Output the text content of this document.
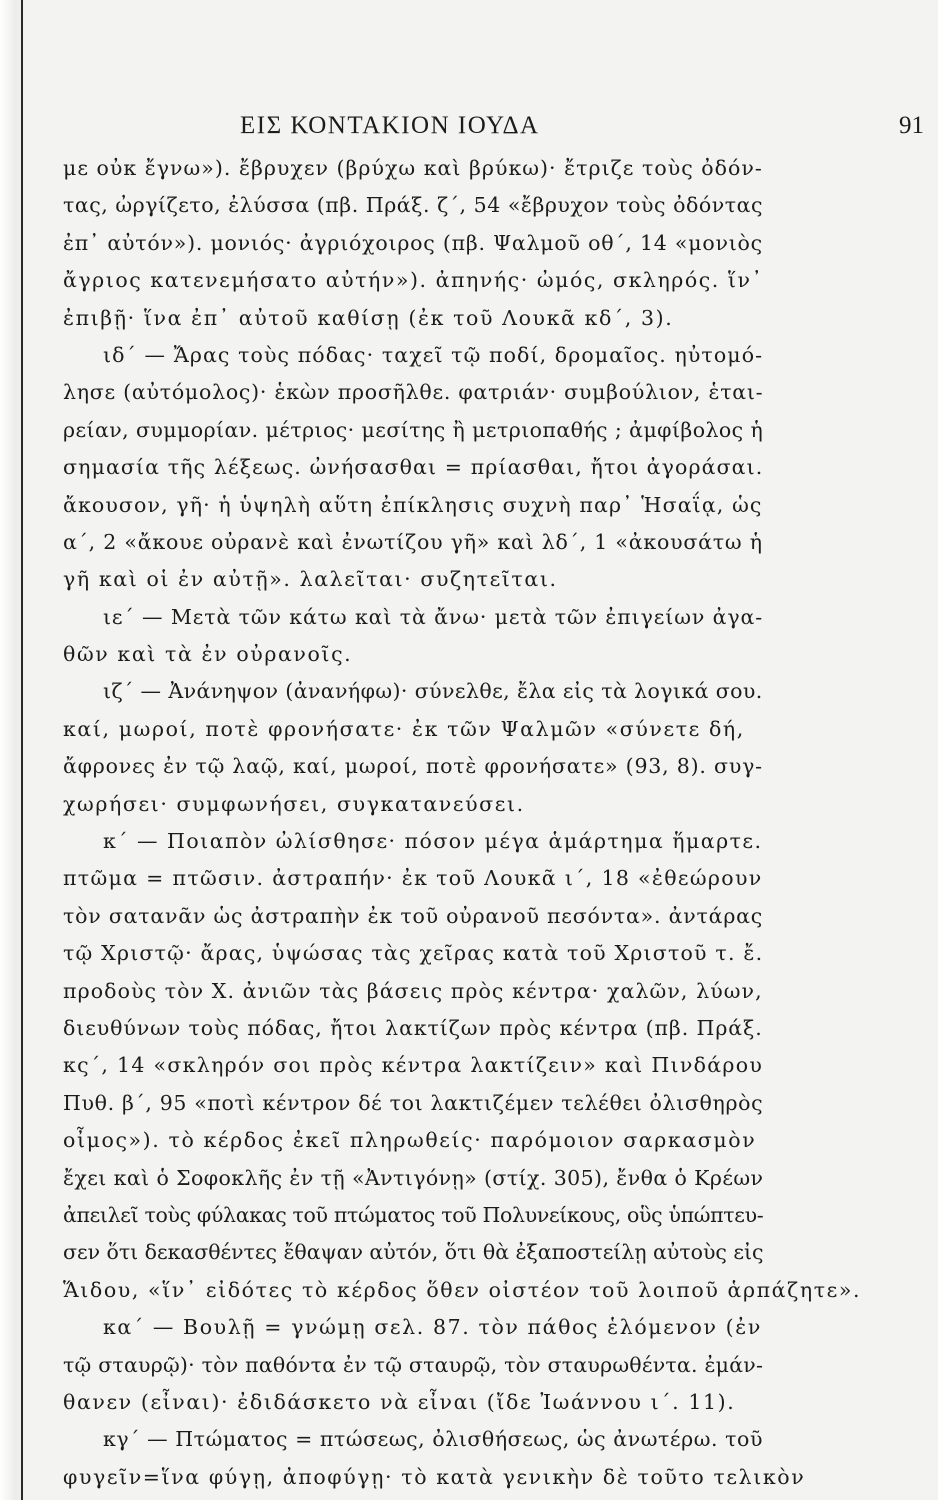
ΕΙΣ ΚΟΝΤΑΚΙΟΝ ΙΟΥΔΑ	91
με οὐκ ἔγνω»). ἔβρυχεν (βρύχω καὶ βρύκω)· ἔτριζε τοὺς ὀδόν-
τας, ὠργίζετο, ἐλύσσα (πβ. Πράξ. ζ΄, 54 «ἔβρυχον τοὺς ὀδόντας
ἐπ᾿ αὐτόν»). μονιός· ἀγριόχοιρος (πβ. Ψαλμοῦ οθ΄, 14 «μονιὸς
ἄγριος κατενεμήσατο αὐτήν»). ἀπηνής· ὠμός, σκληρός. ἵν᾿
ἐπιβῇ· ἵνα ἐπ᾿ αὐτοῦ καθίσῃ (ἐκ τοῦ Λουκᾶ κδ΄, 3).
ιδ΄ — Ἄρας τοὺς πόδας· ταχεῖ τῷ ποδί, δρομαῖος. ηὐτομό-
λησε (αὐτόμολος)· ἑκὼν προσῆλθε. φατριάν· συμβούλιον, ἑται-
ρείαν, συμμορίαν. μέτριος· μεσίτης ἢ μετριοπαθής ; ἀμφίβολος ἡ
σημασία τῆς λέξεως. ὠνήσασθαι = πρίασθαι, ἤτοι ἀγοράσαι.
ἄκουσον, γῆ· ἡ ὑψηλὴ αὕτη ἐπίκλησις συχνὴ παρ᾿ Ἡσαΐᾳ, ὡς
α΄, 2 «ἄκουε οὐρανὲ καὶ ἐνωτίζου γῆ» καὶ λδ΄, 1 «ἀκουσάτω ἡ
γῆ καὶ οἱ ἐν αὐτῇ». λαλεῖται· συζητεῖται.
ιε΄ — Μετὰ τῶν κάτω καὶ τὰ ἄνω· μετὰ τῶν ἐπιγείων ἀγα-
θῶν καὶ τὰ ἐν οὐρανοῖς.
ιζ΄ — Ἀνάνηψον (ἀνανήφω)· σύνελθε, ἔλα εἰς τὰ λογικά σου.
καί, μωροί, ποτὲ φρονήσατε· ἐκ τῶν Ψαλμῶν «σύνετε δή,
ἄφρονες ἐν τῷ λαῷ, καί, μωροί, ποτὲ φρονήσατε» (93, 8). συγ-
χωρήσει· συμφωνήσει, συγκατανεύσει.
κ΄ — Ποιαπὸν ὠλίσθησε· πόσον μέγα ἁμάρτημα ἥμαρτε.
πτῶμα = πτῶσιν. ἀστραπήν· ἐκ τοῦ Λουκᾶ ι΄, 18 «ἐθεώρουν
τὸν σατανᾶν ὡς ἀστραπὴν ἐκ τοῦ οὐρανοῦ πεσόντα». ἀντάρας
τῷ Χριστῷ· ἄρας, ὑψώσας τὰς χεῖρας κατὰ τοῦ Χριστοῦ τ. ἔ.
προδοὺς τὸν Χ. ἀνιῶν τὰς βάσεις πρὸς κέντρα· χαλῶν, λύων,
διευθύνων τοὺς πόδας, ἤτοι λακτίζων πρὸς κέντρα (πβ. Πράξ.
κς΄, 14 «σκληρόν σοι πρὸς κέντρα λακτίζειν» καὶ Πινδάρου
Πυθ. β΄, 95 «ποτὶ κέντρον δέ τοι λακτιζέμεν τελέθει ὀλισθηρὸς
οἶμος»). τὸ κέρδος ἐκεῖ πληρωθείς· παρόμοιον σαρκασμὸν
ἔχει καὶ ὁ Σοφοκλῆς ἐν τῇ «Ἀντιγόνῃ» (στίχ. 305), ἔνθα ὁ Κρέων
ἀπειλεῖ τοὺς φύλακας τοῦ πτώματος τοῦ Πολυνείκους, οὓς ὑπώπτευ-
σεν ὅτι δεκασθέντες ἔθαψαν αὐτόν, ὅτι θὰ ἐξαποστείλῃ αὐτοὺς εἰς
Ἅιδου, «ἵν᾿ εἰδότες τὸ κέρδος ὅθεν οἰστέον τοῦ λοιποῦ ἁρπάζητε».
κα΄ — Βουλῇ = γνώμῃ σελ. 87. τὸν πάθος ἑλόμενον (ἐν
τῷ σταυρῷ)· τὸν παθόντα ἐν τῷ σταυρῷ, τὸν σταυρωθέντα. ἐμάν-
θανεν (εἶναι)· ἐδιδάσκετο νὰ εἶναι (ἴδε Ἰωάννου ι΄. 11).
κγ΄ — Πτώματος = πτώσεως, ὀλισθήσεως, ὡς ἀνωτέρω. τοῦ
φυγεῖν=ἵνα φύγῃ, ἀποφύγῃ· τὸ κατὰ γενικὴν δὲ τοῦτο τελικὸν
